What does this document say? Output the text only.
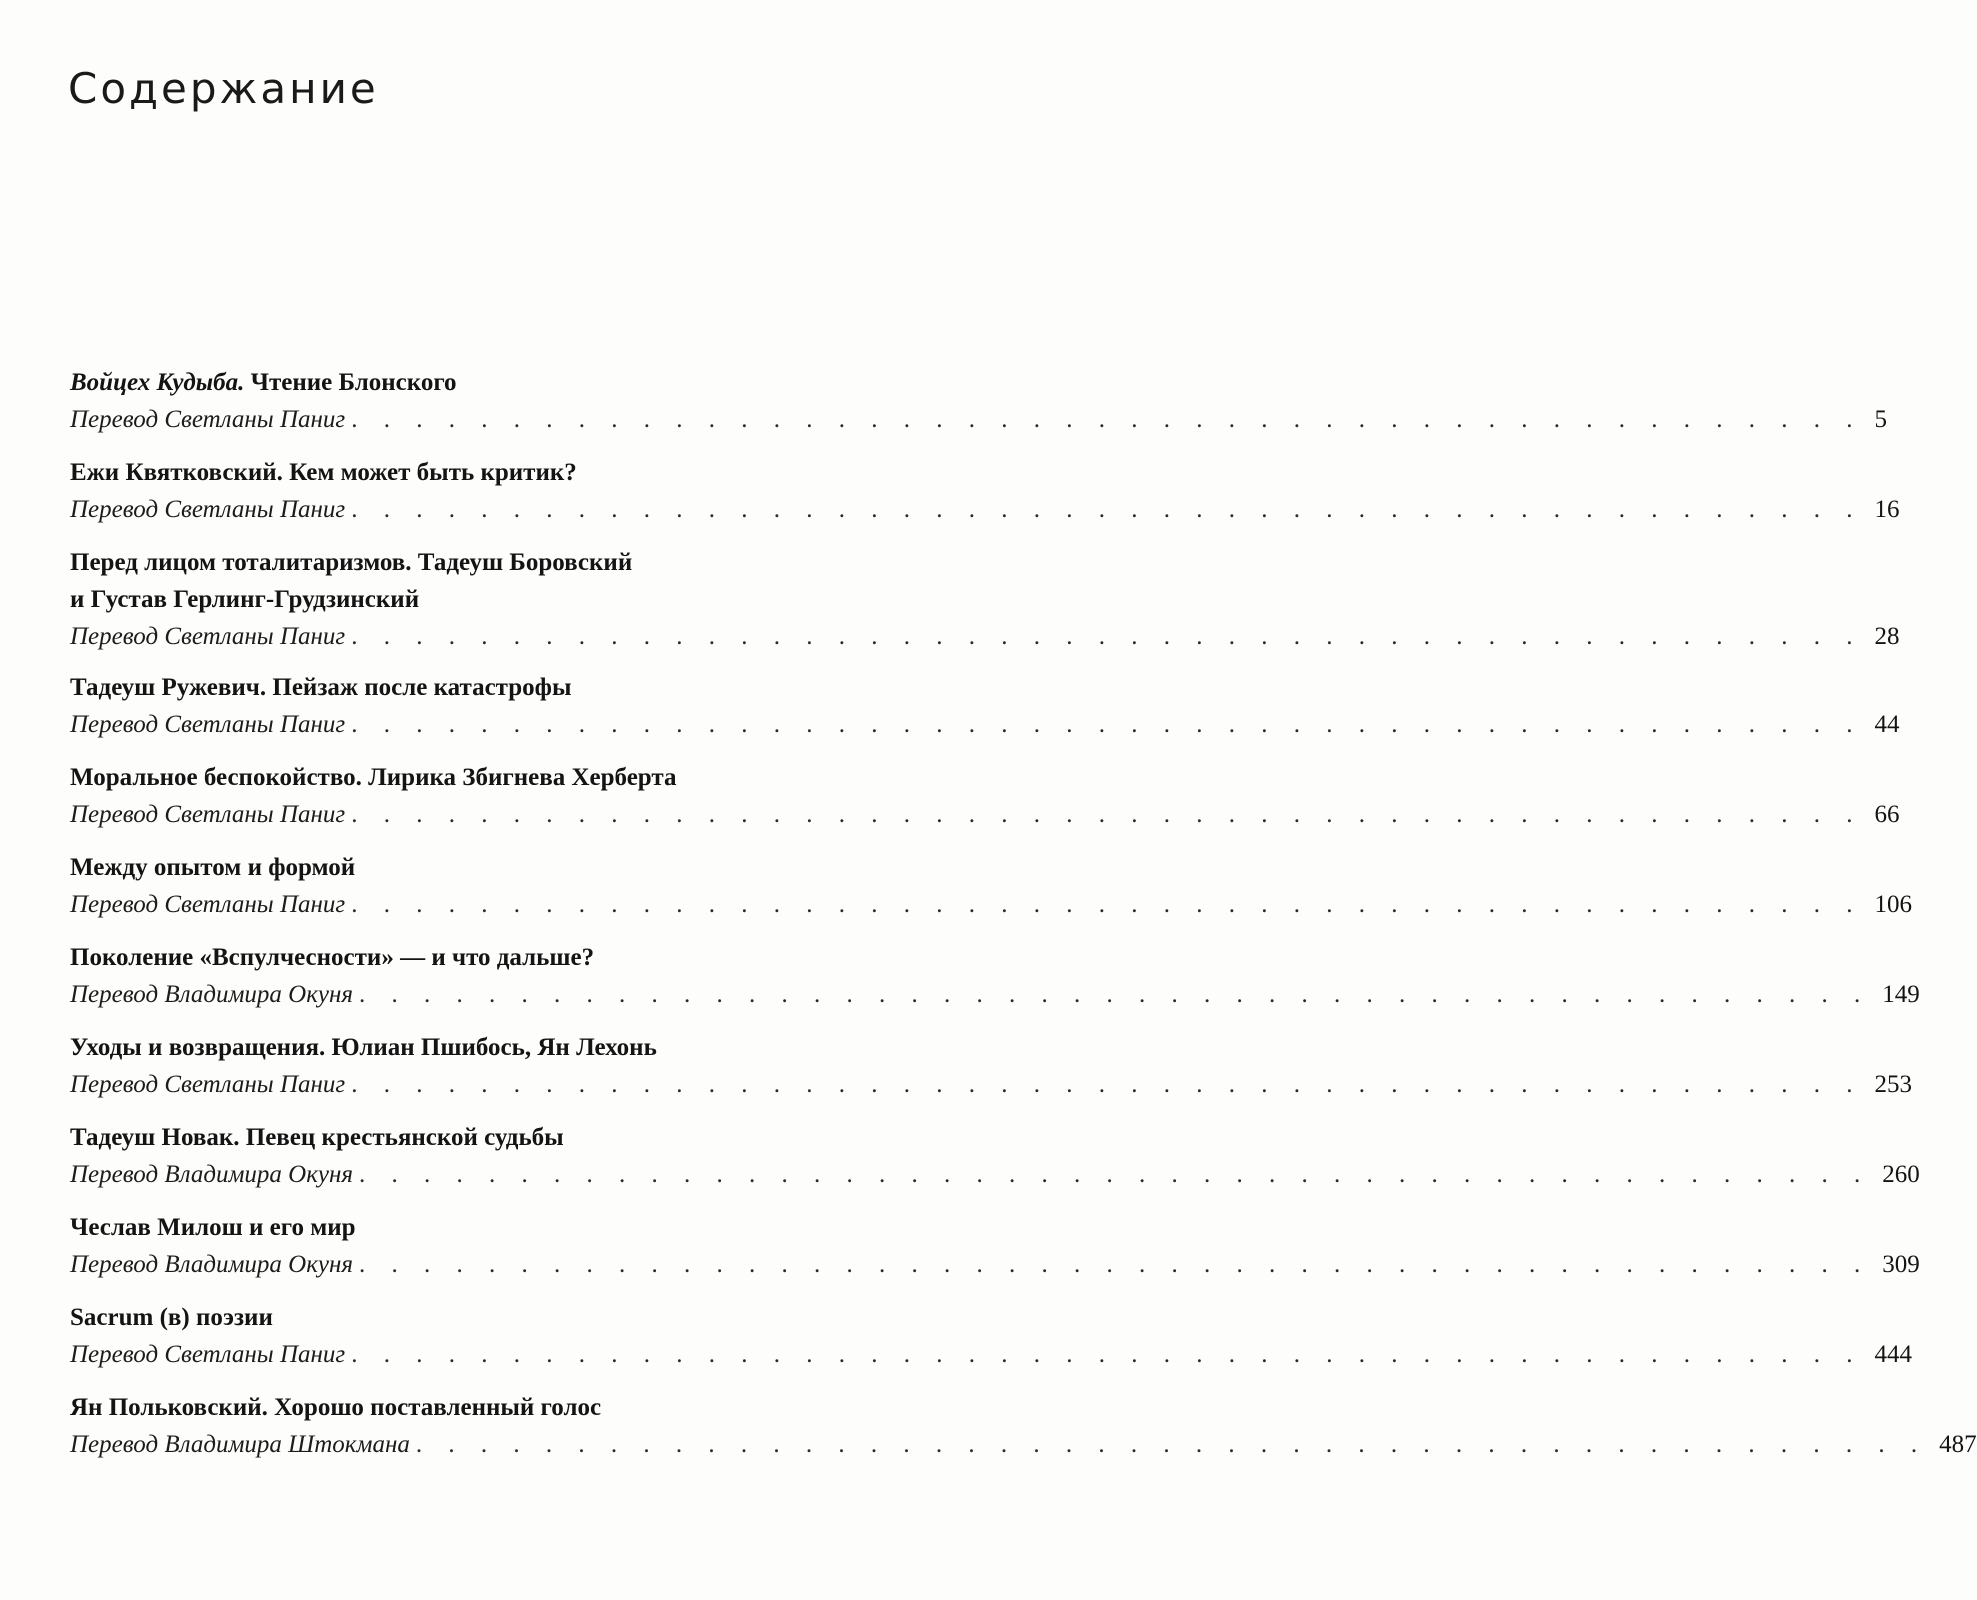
Содержание
Войцех Кудыба. Чтение Блонского
Перевод Светланы Паниг . . . . . . . . . . . . . . . . . . . . . . . . . . . . . . . . . . . . . . . . . . . . . . . 5
Ежи Квятковский. Кем может быть критик?
Перевод Светланы Паниг . . . . . . . . . . . . . . . . . . . . . . . . . . . . . . . . . . . . . . . . . . . . . . . 16
Перед лицом тоталитаризмов. Тадеуш Боровский
и Густав Герлинг-Грудзинский
Перевод Светланы Паниг . . . . . . . . . . . . . . . . . . . . . . . . . . . . . . . . . . . . . . . . . . . . . . . 28
Тадеуш Ружевич. Пейзаж после катастрофы
Перевод Светланы Паниг . . . . . . . . . . . . . . . . . . . . . . . . . . . . . . . . . . . . . . . . . . . . . . . 44
Моральное беспокойство. Лирика Збигнева Херберта
Перевод Светланы Паниг . . . . . . . . . . . . . . . . . . . . . . . . . . . . . . . . . . . . . . . . . . . . . . . 66
Между опытом и формой
Перевод Светланы Паниг . . . . . . . . . . . . . . . . . . . . . . . . . . . . . . . . . . . . . . . . . . . . . . . 106
Поколение «Вспулчесности» — и что дальше?
Перевод Владимира Окуня . . . . . . . . . . . . . . . . . . . . . . . . . . . . . . . . . . . . . . . . . . . . . . . 149
Уходы и возвращения. Юлиан Пшибось, Ян Лехонь
Перевод Светланы Паниг . . . . . . . . . . . . . . . . . . . . . . . . . . . . . . . . . . . . . . . . . . . . . . . 253
Тадеуш Новак. Певец крестьянской судьбы
Перевод Владимира Окуня . . . . . . . . . . . . . . . . . . . . . . . . . . . . . . . . . . . . . . . . . . . . . . . 260
Чеслав Милош и его мир
Перевод Владимира Окуня . . . . . . . . . . . . . . . . . . . . . . . . . . . . . . . . . . . . . . . . . . . . . . . 309
Sacrum (в) поэзии
Перевод Светланы Паниг . . . . . . . . . . . . . . . . . . . . . . . . . . . . . . . . . . . . . . . . . . . . . . . 444
Ян Польковский. Хорошо поставленный голос
Перевод Владимира Штокмана . . . . . . . . . . . . . . . . . . . . . . . . . . . . . . . . . . . . . . . . . . . . . . . 487
